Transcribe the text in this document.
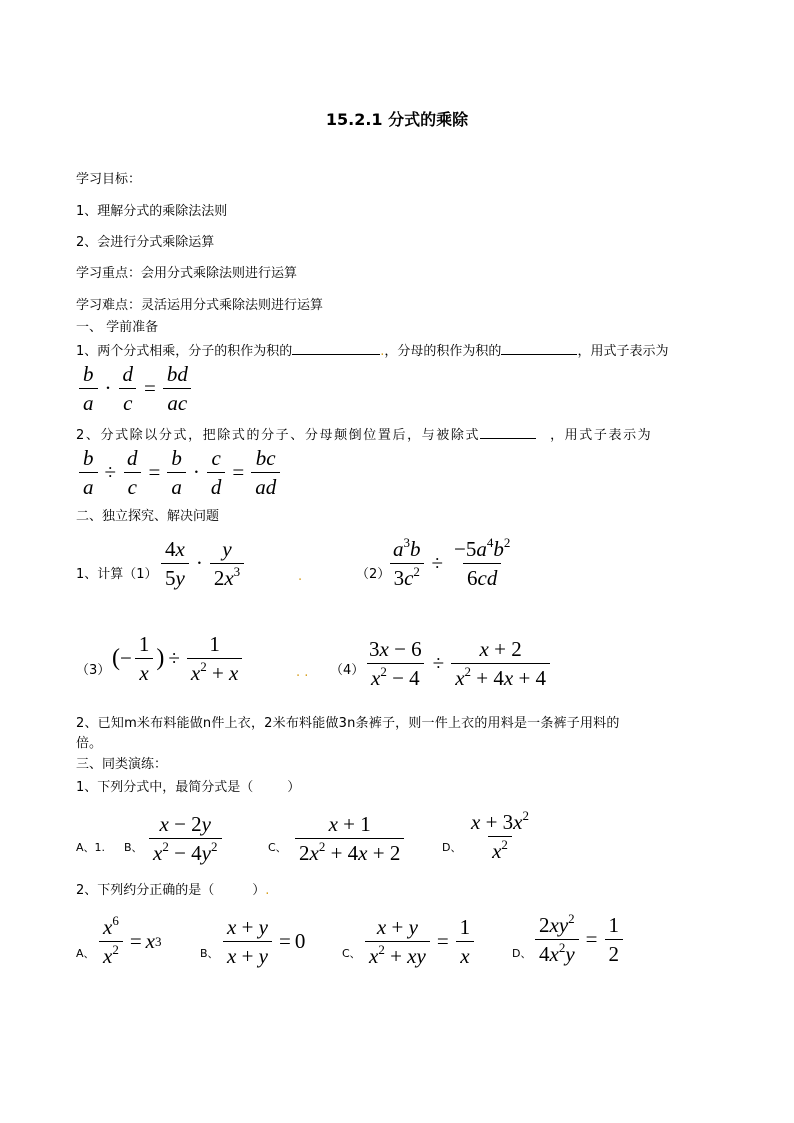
15.2.1 分式的乘除
学习目标：
1、理解分式的乘除法法则
2、会进行分式乘除运算
学习重点：会用分式乘除法则进行运算
学习难点：灵活运用分式乘除法则进行运算
一、 学前准备
1、两个分式相乘，分子的积作为积的	.，分母的积作为积的	，用式子表示为
$\frac{b}{a} \cdot \frac{d}{c} = \frac{bd}{ac}$
2、分式除以分式，把除式的分子、分母颠倒位置后，与被除式	，用式子表示为
$\frac{b}{a} \div \frac{d}{c} = \frac{b}{a} \cdot \frac{c}{d} = \frac{bc}{ad}$
二、独立探究、解决问题
1、计算$(1) \frac{4x}{5y} \cdot \frac{y}{2x^3}$	.	（2）
$\frac{a^3b}{3c^2} \div \frac{-5a^4b^2}{6cd}$
（3） ( − $\frac{1}{x}$ ) ÷ $\frac{1}{x^2 + x}$	. . $(4) \frac{3x - 6}{x^2 - 4} \div \frac{x + 2}{x^2 + 4x + 4}$
2、已知m米布料能做n件上衣，2米布料能做3n条裤子，则一件上衣的用料是一条裤子用料的
倍。
三、同类演练：
1、下列分式中，最简分式是（	）
A、1. B、 $\frac{x - 2y}{x^2 - 4y^2}$	C、 $\frac{x + 1}{2x^2 + 4x + 2}$	D、 $\frac{x + 3x^2}{x^2}$
2、下列约分正确的是（	）.
A、 $\frac{x^6}{x^2} = x$ 3
B、 $\frac{x + y}{x + y} = 0$
C、 $\frac{x + y}{x^2 + xy} = \frac{1}{x}$	D、 $\frac{2xy^2}{4x^2y} = \frac{1}{2}$
